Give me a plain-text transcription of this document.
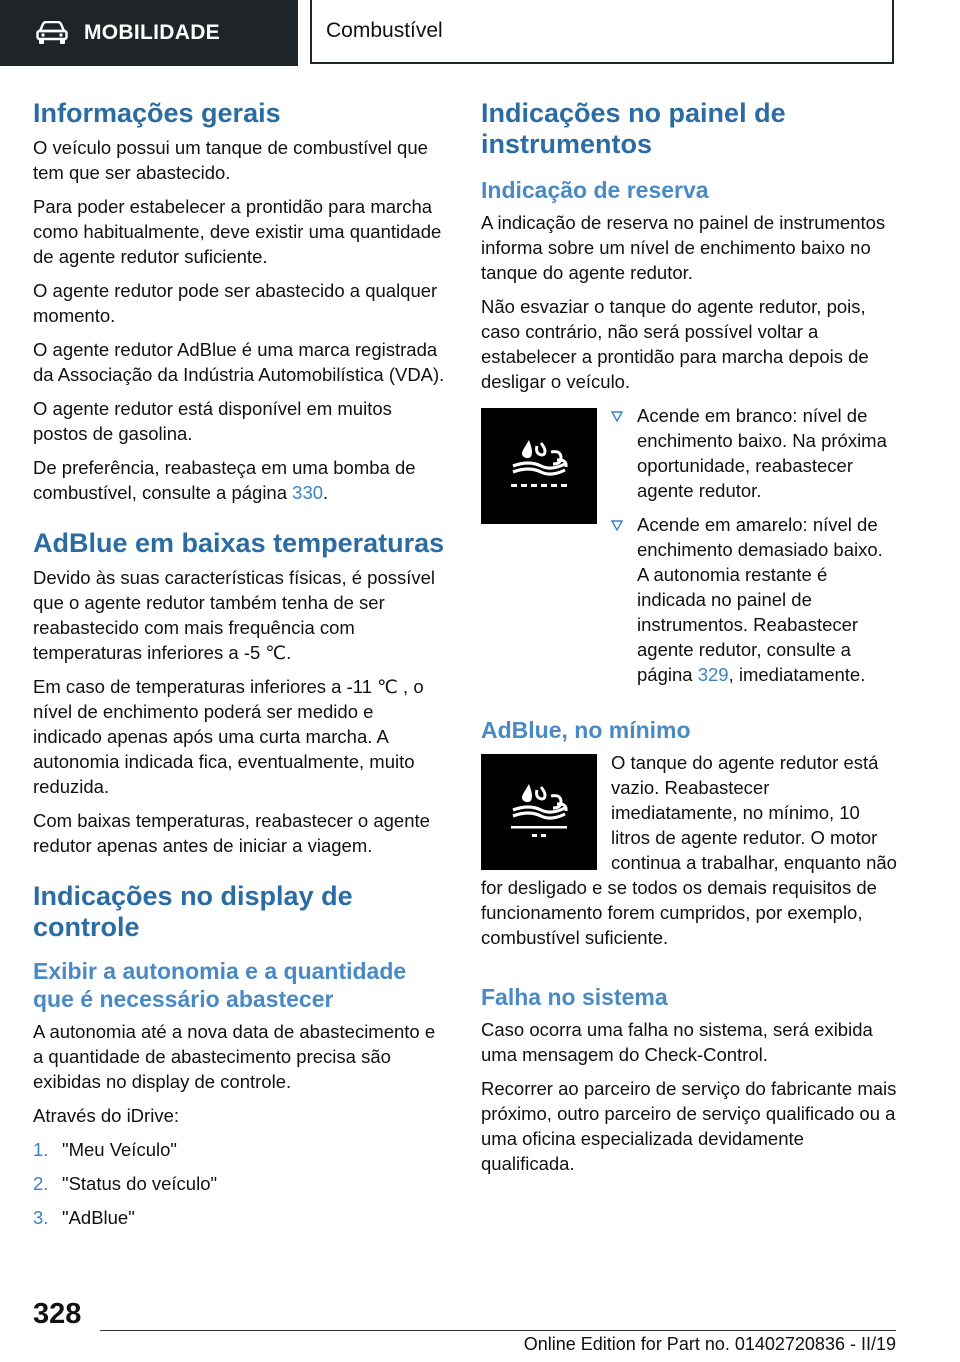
MOBILIDADE	Combustível
Informações gerais

O veículo possui um tanque de combustível que tem que ser abastecido.

Para poder estabelecer a prontidão para marcha como habitualmente, deve existir uma quantidade de agente redutor suficiente.

O agente redutor pode ser abastecido a qualquer momento.

O agente redutor AdBlue é uma marca registrada da Associação da Indústria Automobilística (VDA).

O agente redutor está disponível em muitos postos de gasolina.

De preferência, reabasteça em uma bomba de combustível, consulte a página 330.

AdBlue em baixas temperaturas

Devido às suas características físicas, é possível que o agente redutor também tenha de ser reabastecido com mais frequência com temperaturas inferiores a -5 ℃.

Em caso de temperaturas inferiores a -11 ℃ , o nível de enchimento poderá ser medido e indicado apenas após uma curta marcha. A autonomia indicada fica, eventualmente, muito reduzida.

Com baixas temperaturas, reabastecer o agente redutor apenas antes de iniciar a viagem.

Indicações no display de controle
Exibir a autonomia e a quantidade que é necessário abastecer

A autonomia até a nova data de abastecimento e a quantidade de abastecimento precisa são exibidas no display de controle.

Através do iDrive:

1. "Meu Veículo"
2. "Status do veículo"
3. "AdBlue"
Indicações no painel de instrumentos
Indicação de reserva

A indicação de reserva no painel de instrumentos informa sobre um nível de enchimento baixo no tanque do agente redutor.

Não esvaziar o tanque do agente redutor, pois, caso contrário, não será possível voltar a estabelecer a prontidão para marcha depois de desligar o veículo.

Acende em branco: nível de enchimento baixo. Na próxima oportunidade, reabastecer agente redutor.
Acende em amarelo: nível de enchimento demasiado baixo. A autonomia restante é indicada no painel de instrumentos. Reabastecer agente redutor, consulte a página 329, imediatamente.
AdBlue, no mínimo

O tanque do agente redutor está vazio. Reabastecer imediatamente, no mínimo, 10 litros de agente redutor. O motor continua a trabalhar, enquanto não for desligado e se todos os demais requisitos de funcionamento forem cumpridos, por exemplo, combustível suficiente.

Falha no sistema

Caso ocorra uma falha no sistema, será exibida uma mensagem do Check-Control.

Recorrer ao parceiro de serviço do fabricante mais próximo, outro parceiro de serviço qualificado ou a uma oficina especializada devidamente qualificada.

328
Online Edition for Part no. 01402720836 - II/19
